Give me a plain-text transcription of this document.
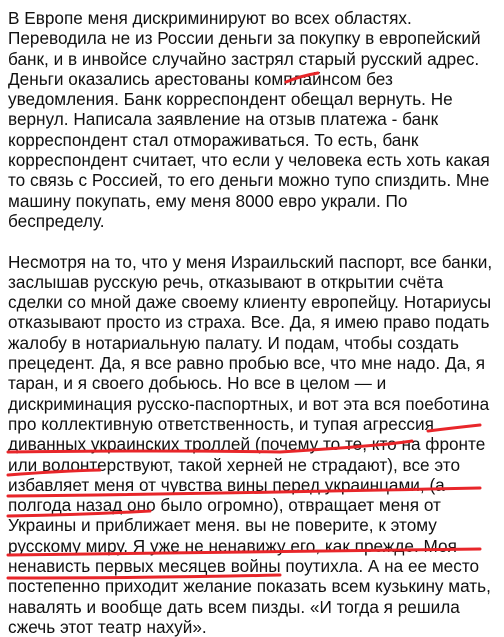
В Европе меня дискриминируют во всех областях. Переводила не из России деньги за покупку в европейский банк, и в инвойсе случайно застрял старый русский адрес. Деньги оказались арестованы комплайнсом без уведомления. Банк корреспондент обещал вернуть. Не вернул. Написала заявление на отзыв платежа - банк корреспондент стал отмораживаться. То есть, банк корреспондент считает, что если у человека есть хоть какая то связь с Россией, то его деньги можно тупо спиздить. Мне машину покупать, ему меня 8000 евро украли. По беспределу.

Несмотря на то, что у меня Израильский паспорт, все банки, заслышав русскую речь, отказывают в открытии счёта сделки со мной даже своему клиенту европейцу. Нотариусы отказывают просто из страха. Все. Да, я имею право подать жалобу в нотариальную палату. И подам, чтобы создать прецедент. Да, я все равно пробью все, что мне надо. Да, я таран, и я своего добьюсь. Но все в целом — и дискриминация русско-паспортных, и вот эта вся поеботина про коллективную ответственность, и тупая агрессия диванных украинских троллей (почему то те, кто на фронте или волонтерствуют, такой херней не страдают), все это избавляет меня от чувства вины перед украинцами, (а полгода назад оно было огромно), отвращает меня от Украины и приближает меня. вы не поверите, к этому русскому миру. Я уже не ненавижу его, как прежде. Моя ненависть первых месяцев войны поутихла. А на ее место постепенно приходит желание показать всем кузькину мать, навалять и вообще дать всем пизды. «И тогда я решила сжечь этот театр нахуй».
